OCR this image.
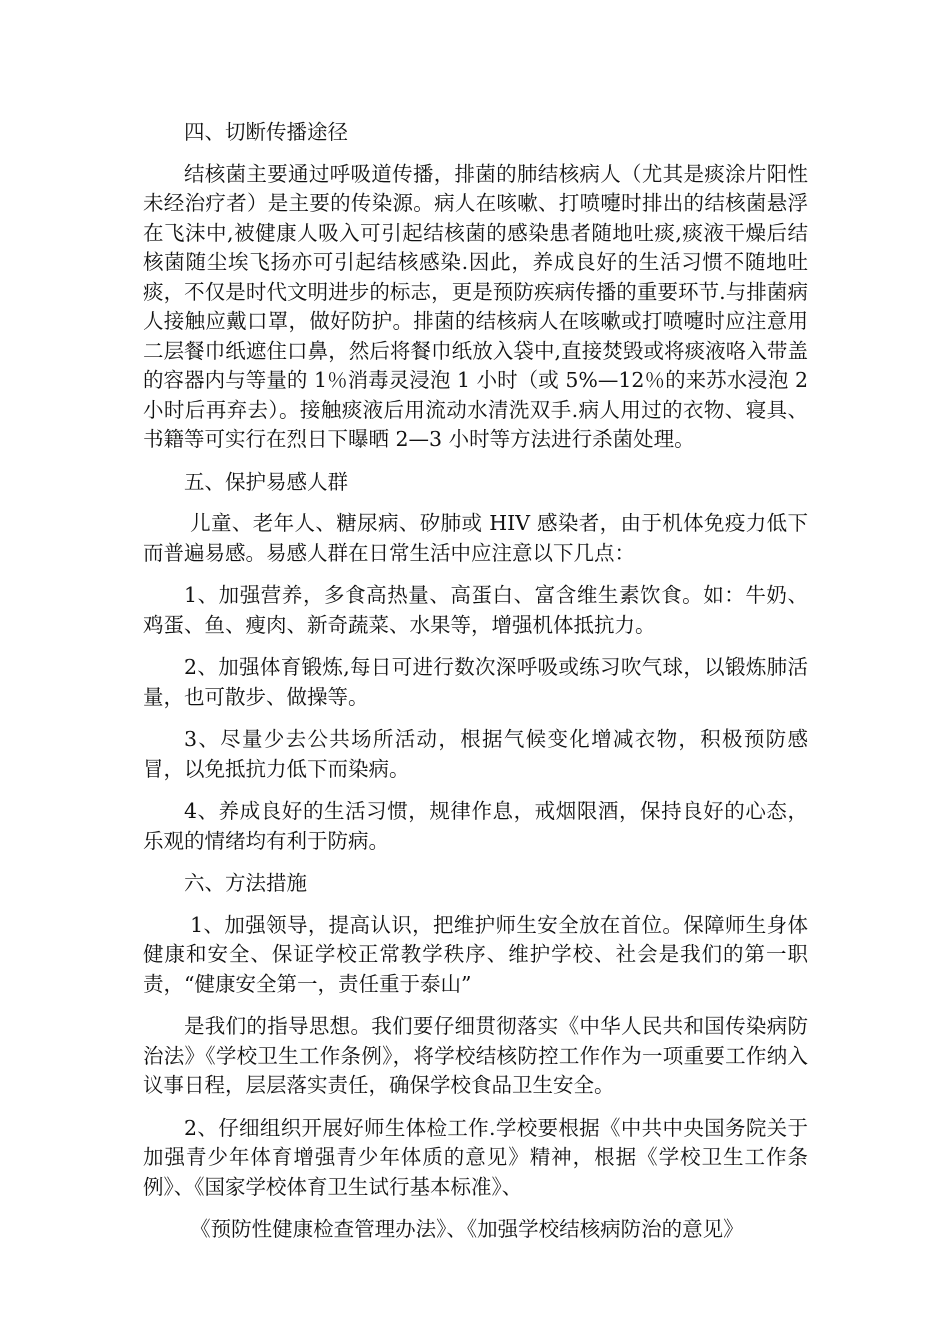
四、切断传播途径

结核菌主要通过呼吸道传播，排菌的肺结核病人（尤其是痰涂片阳性未经治疗者）是主要的传染源。病人在咳嗽、打喷嚏时排出的结核菌悬浮在飞沫中,被健康人吸入可引起结核菌的感染患者随地吐痰,痰液干燥后结核菌随尘埃飞扬亦可引起结核感染.因此，养成良好的生活习惯不随地吐痰，不仅是时代文明进步的标志，更是预防疾病传播的重要环节.与排菌病人接触应戴口罩，做好防护。排菌的结核病人在咳嗽或打喷嚏时应注意用二层餐巾纸遮住口鼻，然后将餐巾纸放入袋中,直接焚毁或将痰液咯入带盖的容器内与等量的 1％消毒灵浸泡 1 小时（或 5%—12％的来苏水浸泡 2 小时后再弃去）。接触痰液后用流动水清洗双手.病人用过的衣物、寝具、书籍等可实行在烈日下曝晒 2—3 小时等方法进行杀菌处理。

五、保护易感人群

儿童、老年人、糖尿病、矽肺或 HIV 感染者，由于机体免疫力低下而普遍易感。易感人群在日常生活中应注意以下几点：

1、加强营养，多食高热量、高蛋白、富含维生素饮食。如：牛奶、鸡蛋、鱼、瘦肉、新奇蔬菜、水果等，增强机体抵抗力。

2、加强体育锻炼,每日可进行数次深呼吸或练习吹气球，以锻炼肺活量，也可散步、做操等。

3、尽量少去公共场所活动，根据气候变化增减衣物，积极预防感冒，以免抵抗力低下而染病。

4、养成良好的生活习惯，规律作息，戒烟限酒，保持良好的心态，乐观的情绪均有利于防病。

六、方法措施

1、加强领导，提高认识，把维护师生安全放在首位。保障师生身体健康和安全、保证学校正常教学秩序、维护学校、社会是我们的第一职责，“健康安全第一，责任重于泰山”

是我们的指导思想。我们要仔细贯彻落实《中华人民共和国传染病防治法》《学校卫生工作条例》，将学校结核防控工作作为一项重要工作纳入议事日程，层层落实责任，确保学校食品卫生安全。

2、仔细组织开展好师生体检工作.学校要根据《中共中央国务院关于加强青少年体育增强青少年体质的意见》精神，根据《学校卫生工作条例》、《国家学校体育卫生试行基本标准》、

《预防性健康检查管理办法》、《加强学校结核病防治的意见》
